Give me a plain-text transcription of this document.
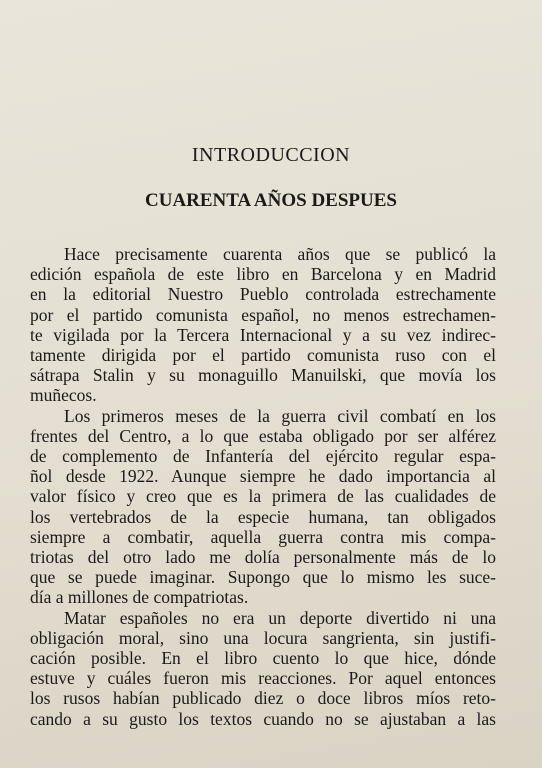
INTRODUCCION
CUARENTA AÑOS DESPUES

Hace precisamente cuarenta años que se publicó la
edición española de este libro en Barcelona y en Madrid
en la editorial Nuestro Pueblo controlada estrechamente
por el partido comunista español, no menos estrechamen-
te vigilada por la Tercera Internacional y a su vez indirec-
tamente dirigida por el partido comunista ruso con el
sátrapa Stalin y su monaguillo Manuilski, que movía los
muñecos.

Los primeros meses de la guerra civil combatí en los
frentes del Centro, a lo que estaba obligado por ser alférez
de complemento de Infantería del ejército regular espa-
ñol desde 1922. Aunque siempre he dado importancia al
valor físico y creo que es la primera de las cualidades de
los vertebrados de la especie humana, tan obligados
siempre a combatir, aquella guerra contra mis compa-
triotas del otro lado me dolía personalmente más de lo
que se puede imaginar. Supongo que lo mismo les suce-
día a millones de compatriotas.

Matar españoles no era un deporte divertido ni una
obligación moral, sino una locura sangrienta, sin justifi-
cación posible. En el libro cuento lo que hice, dónde
estuve y cuáles fueron mis reacciones. Por aquel entonces
los rusos habían publicado diez o doce libros míos reto-
cando a su gusto los textos cuando no se ajustaban a las
